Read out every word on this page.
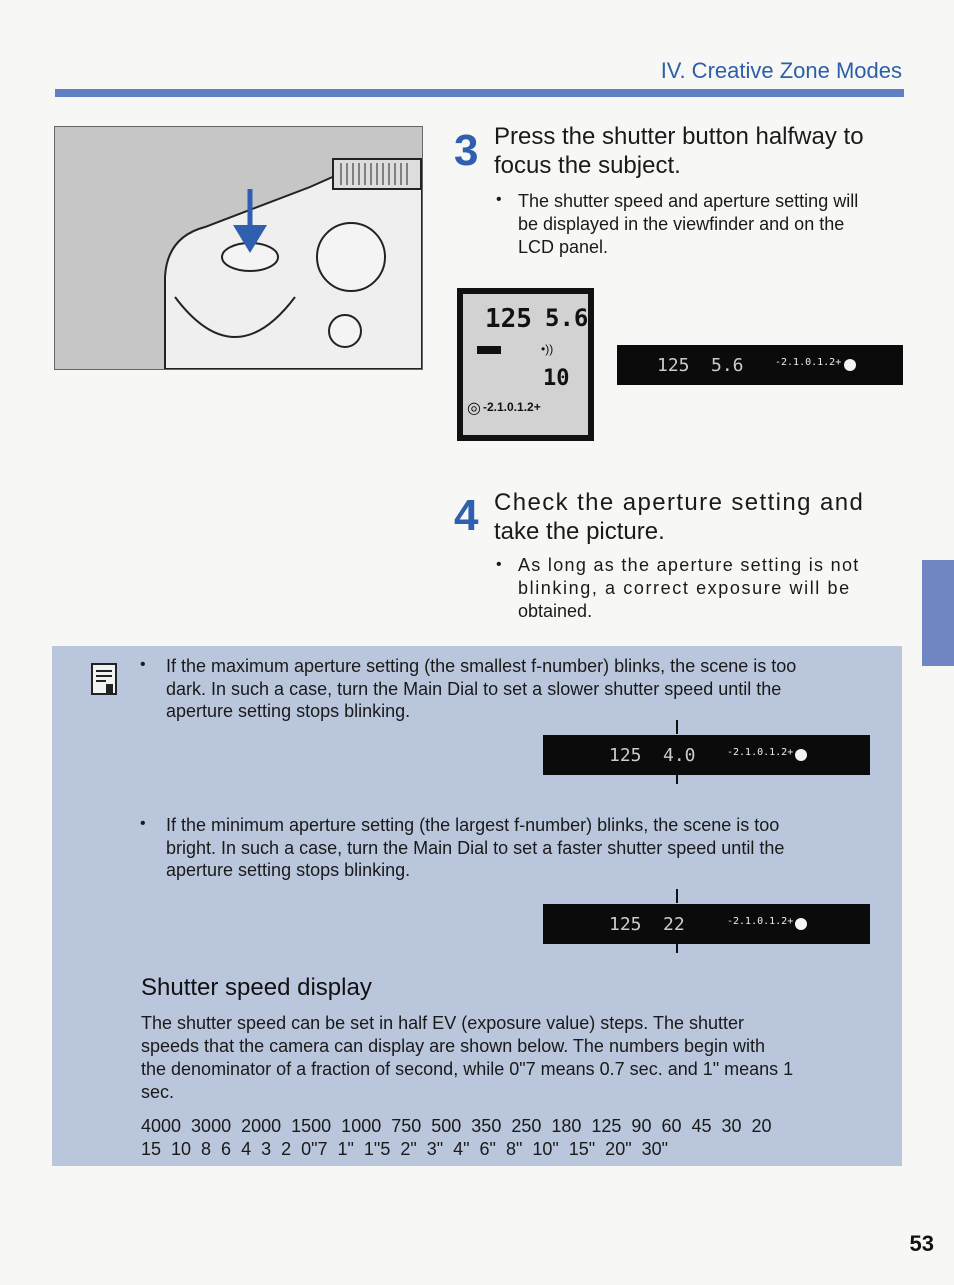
IV. Creative Zone Modes
3 Press the shutter button halfway to
focus the subject.
• The shutter speed and aperture setting will
be displayed in the viewfinder and on the
LCD panel.
125 5.6
•))
10
◎ -2.1.0.1.2+
125 5.6	-2.1.0.1.2+
4 Check the aperture setting and
take the picture.
• As long as the aperture setting is not
blinking, a correct exposure will be
obtained.
• If the maximum aperture setting (the smallest f-number) blinks, the scene is too
dark. In such a case, turn the Main Dial to set a slower shutter speed until the
aperture setting stops blinking.
125 4.0	-2.1.0.1.2+
• If the minimum aperture setting (the largest f-number) blinks, the scene is too
bright. In such a case, turn the Main Dial to set a faster shutter speed until the
aperture setting stops blinking.
125 22	-2.1.0.1.2+
Shutter speed display
The shutter speed can be set in half EV (exposure value) steps. The shutter
speeds that the camera can display are shown below. The numbers begin with
the denominator of a fraction of second, while 0"7 means 0.7 sec. and 1" means 1
sec.
4000  3000  2000  1500  1000  750  500  350  250  180  125  90  60  45  30  20
15  10  8  6  4  3  2  0"7  1"  1"5  2"  3"  4"  6"  8"  10"  15"  20"  30"
53
